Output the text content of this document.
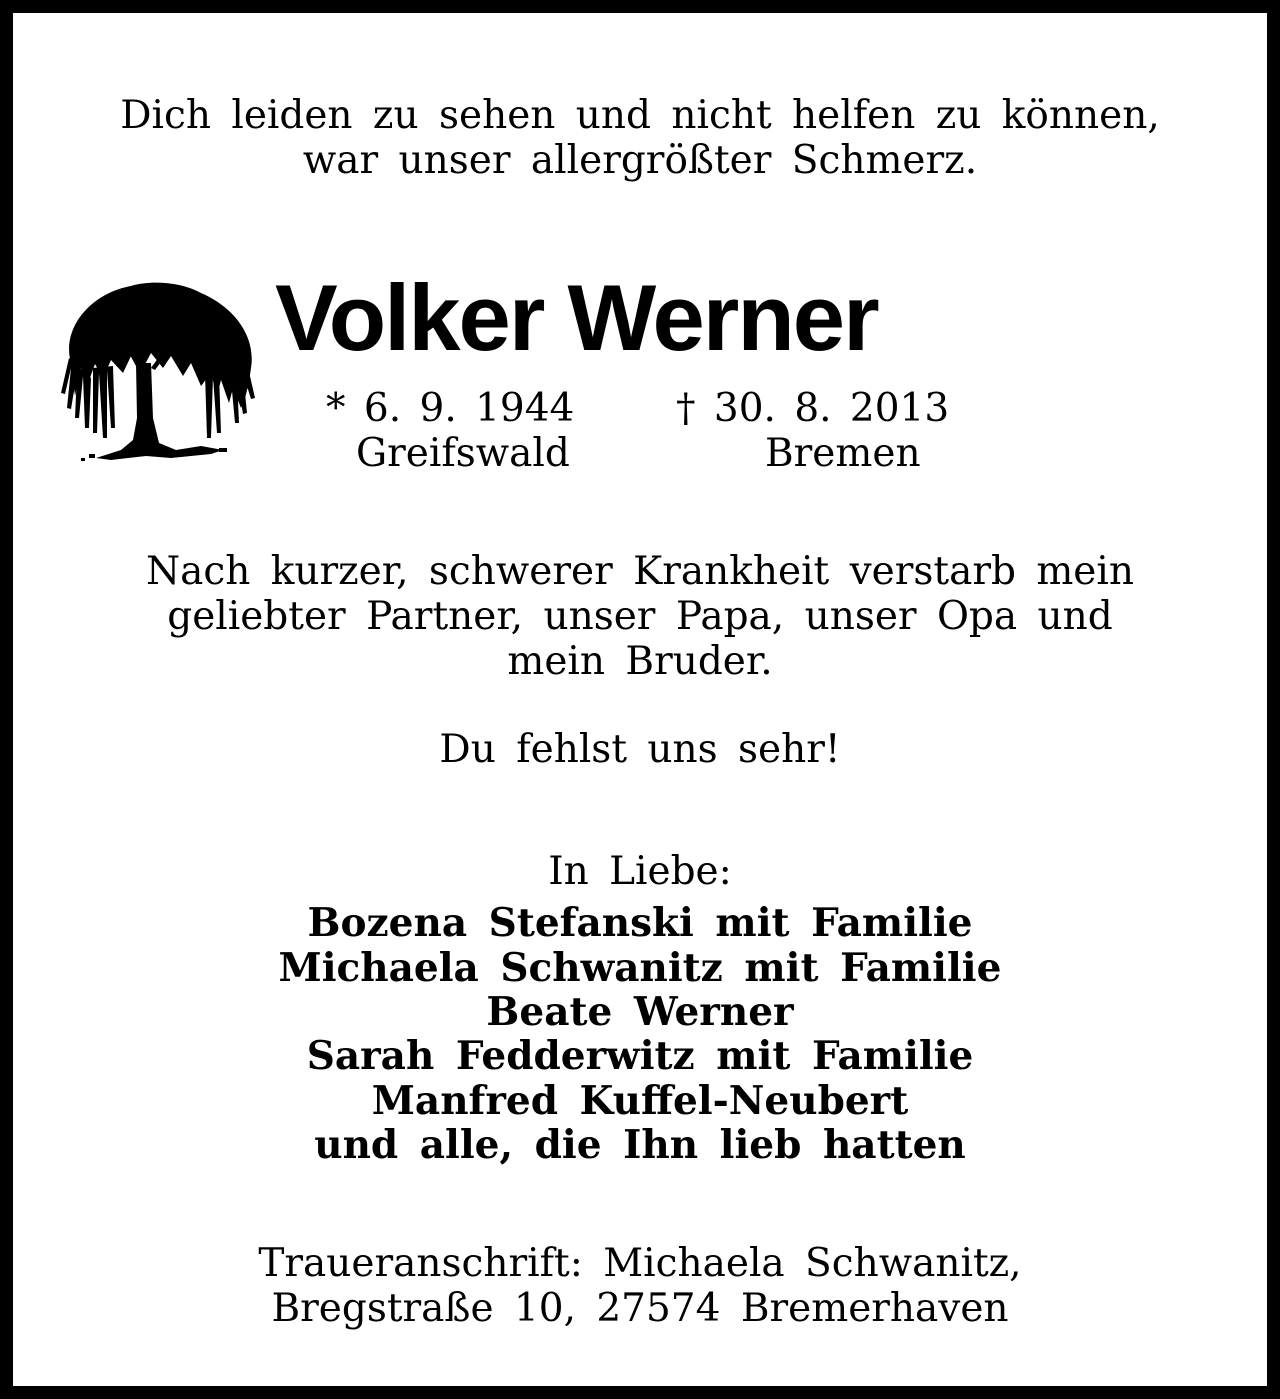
Dich leiden zu sehen und nicht helfen zu können,
war unser allergrößter Schmerz.
Volker Werner
* 6. 9. 1944
Greifswald
† 30. 8. 2013
Bremen
Nach kurzer, schwerer Krankheit verstarb mein
geliebter Partner, unser Papa, unser Opa und
mein Bruder.
Du fehlst uns sehr!
In Liebe:
Bozena Stefanski mit Familie
Michaela Schwanitz mit Familie
Beate Werner
Sarah Fedderwitz mit Familie
Manfred Kuffel-Neubert
und alle, die Ihn lieb hatten
Traueranschrift: Michaela Schwanitz,
Bregstraße 10, 27574 Bremerhaven
